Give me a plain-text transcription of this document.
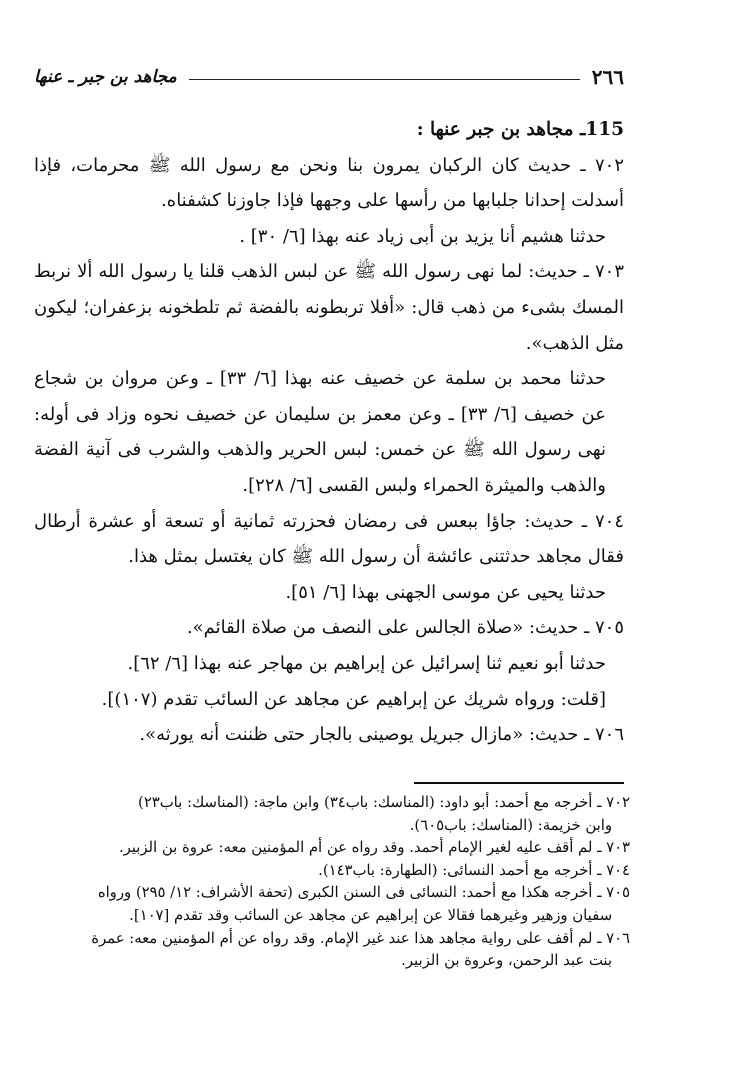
٢٦٦
مجاهد بن جبر ـ عنها

115ـ مجاهد بن جبر عنها :

٧٠٢ ـ حديث كان الركبان يمرون بنا ونحن مع رسول الله ﷺ محرمات، فإذا أسدلت إحدانا جلبابها من رأسها على وجهها فإذا جاوزنا كشفناه.

حدثنا هشيم أنا يزيد بن أبى زياد عنه بهذا [٦/ ٣٠] .

٧٠٣ ـ حديث: لما نهى رسول الله ﷺ عن لبس الذهب قلنا يا رسول الله ألا نربط المسك بشىء من ذهب قال: «أفلا تربطونه بالفضة ثم تلطخونه بزعفران؛ ليكون مثل الذهب».

حدثنا محمد بن سلمة عن خصيف عنه بهذا [٦/ ٣٣] ـ وعن مروان بن شجاع عن خصيف [٦/ ٣٣] ـ وعن معمز بن سليمان عن خصيف نحوه وزاد فى أوله: نهى رسول الله ﷺ عن خمس: لبس الحرير والذهب والشرب فى آنية الفضة والذهب والميثرة الحمراء ولبس القسى [٦/ ٢٢٨].

٧٠٤ ـ حديث: جاؤا ببعس فى رمضان فحزرته ثمانية أو تسعة أو عشرة أرطال فقال مجاهد حدثتنى عائشة أن رسول الله ﷺ كان يغتسل بمثل هذا.

حدثنا يحيى عن موسى الجهنى بهذا [٦/ ٥١].

٧٠٥ ـ حديث: «صلاة الجالس على النصف من صلاة القائم».

حدثنا أبو نعيم ثنا إسرائيل عن إبراهيم بن مهاجر عنه بهذا [٦/ ٦٢].

[قلت: ورواه شريك عن إبراهيم عن مجاهد عن السائب تقدم (١٠٧)].

٧٠٦ ـ حديث: «مازال جبريل يوصينى بالجار حتى ظننت أنه يورثه».

٧٠٢ ـ أخرجه مع أحمد: أبو داود: (المناسك: باب٣٤) وابن ماجة: (المناسك: باب٢٣)
وابن خزيمة: (المناسك: باب٦٠٥).

٧٠٣ ـ لم أقف عليه لغير الإمام أحمد. وقد رواه عن أم المؤمنين معه: عروة بن الزبير.

٧٠٤ ـ أخرجه مع أحمد النسائى: (الطهارة: باب١٤٣).

٧٠٥ ـ أخرجه هكذا مع أحمد: النسائى فى السنن الكبرى (تحفة الأشراف: ١٢/ ٢٩٥) ورواه
سفيان وزهير وغيرهما فقالا عن إبراهيم عن مجاهد عن السائب وقد تقدم [١٠٧].

٧٠٦ ـ لم أقف على رواية مجاهد هذا عند غير الإمام. وقد رواه عن أم المؤمنين معه: عمرة
بنت عبد الرحمن، وعروة بن الزبير.
